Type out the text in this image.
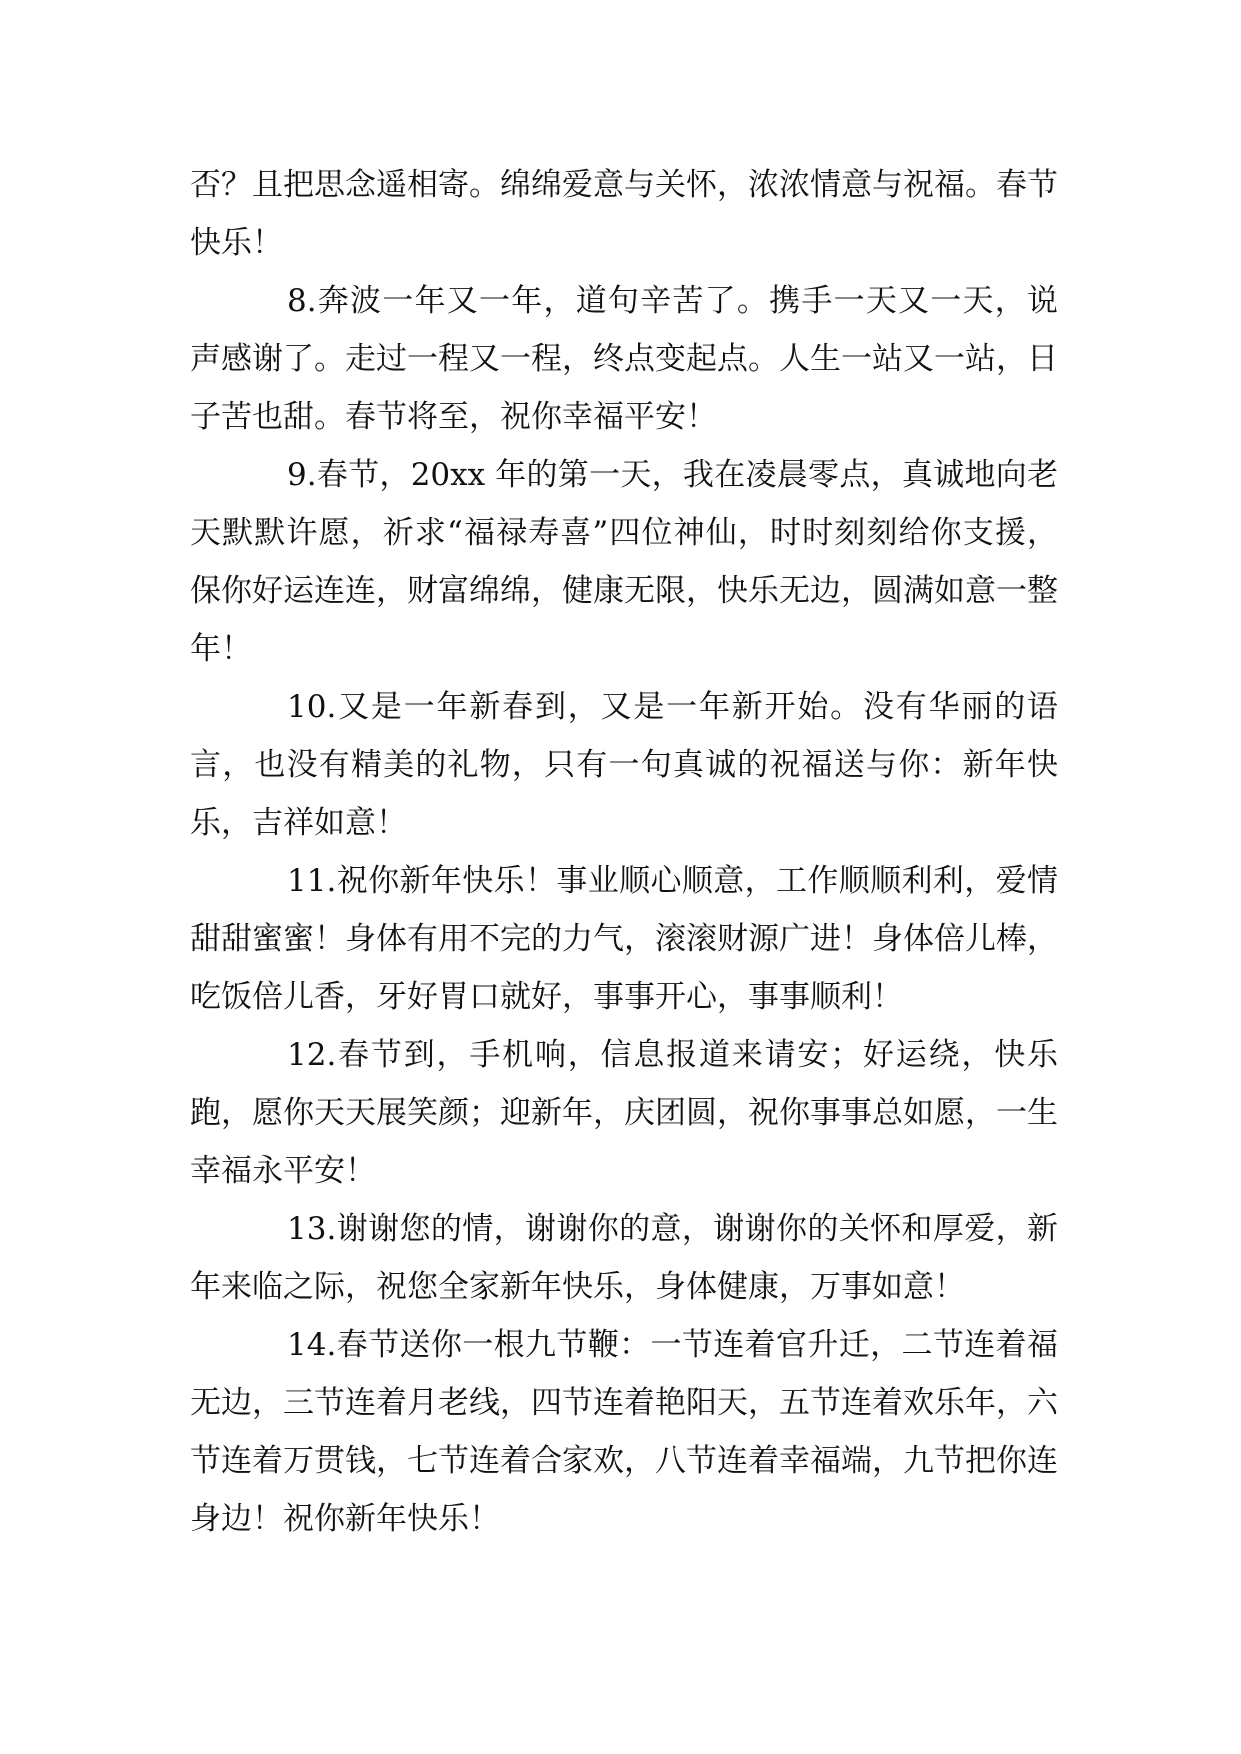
否？且把思念遥相寄。绵绵爱意与关怀，浓浓情意与祝福。春节快乐！

8.奔波一年又一年，道句辛苦了。携手一天又一天，说声感谢了。走过一程又一程，终点变起点。人生一站又一站，日子苦也甜。春节将至，祝你幸福平安！

9.春节，20xx 年的第一天，我在凌晨零点，真诚地向老天默默许愿，祈求“福禄寿喜”四位神仙，时时刻刻给你支援，保你好运连连，财富绵绵，健康无限，快乐无边，圆满如意一整年！

10.又是一年新春到，又是一年新开始。没有华丽的语言，也没有精美的礼物，只有一句真诚的祝福送与你：新年快乐，吉祥如意！

11.祝你新年快乐！事业顺心顺意，工作顺顺利利，爱情甜甜蜜蜜！身体有用不完的力气，滚滚财源广进！身体倍儿棒，吃饭倍儿香，牙好胃口就好，事事开心，事事顺利！

12.春节到，手机响，信息报道来请安；好运绕，快乐跑，愿你天天展笑颜；迎新年，庆团圆，祝你事事总如愿，一生幸福永平安！

13.谢谢您的情，谢谢你的意，谢谢你的关怀和厚爱，新年来临之际，祝您全家新年快乐，身体健康，万事如意！

14.春节送你一根九节鞭：一节连着官升迁，二节连着福无边，三节连着月老线，四节连着艳阳天，五节连着欢乐年，六节连着万贯钱，七节连着合家欢，八节连着幸福端，九节把你连身边！祝你新年快乐！
